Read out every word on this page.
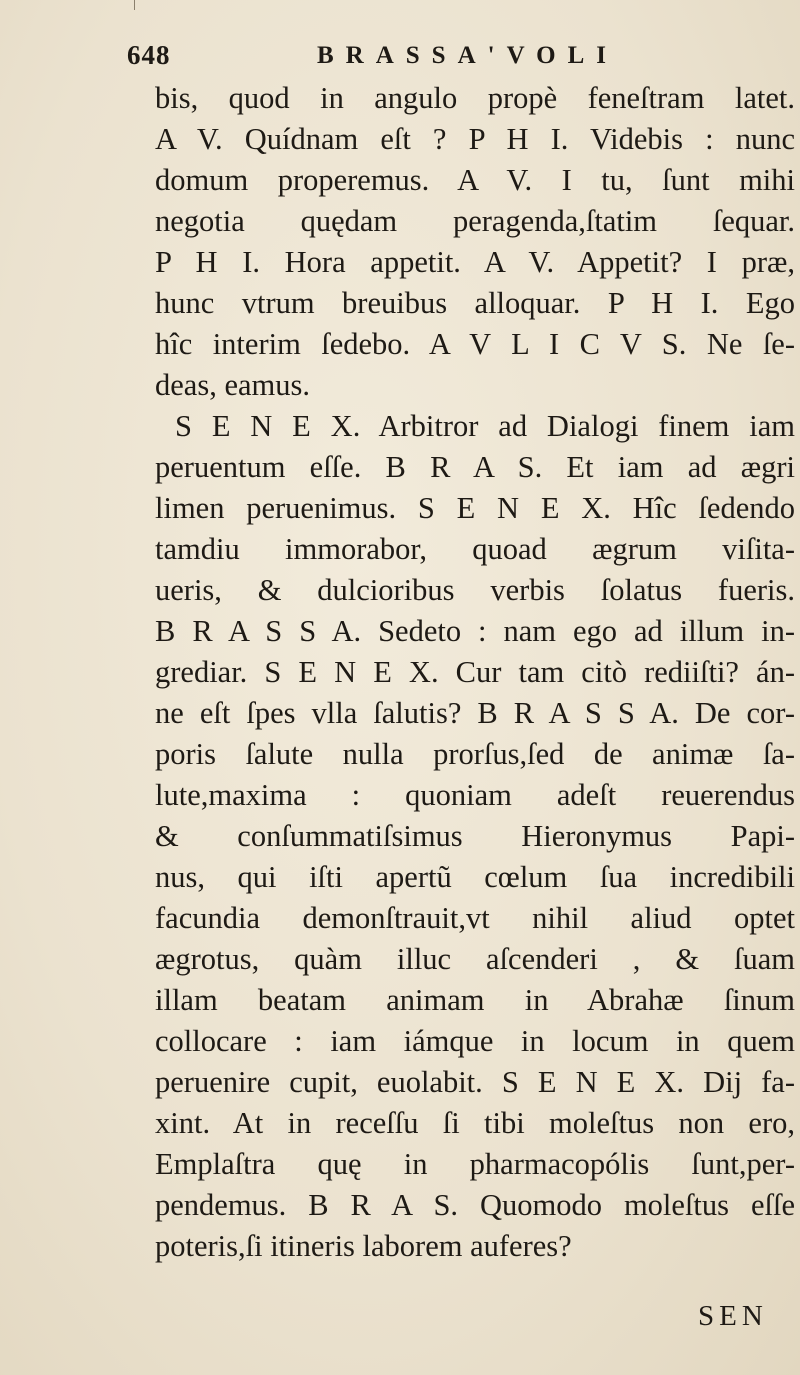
648	BRASSA'VOLI
bis, quod in angulo propè feneſtram latet.
A V. Quídnam eſt ? P H I. Videbis : nunc
domum properemus. A V. I tu, ſunt mihi
negotia quędam peragenda,ſtatim ſequar.
P H I. Hora appetit. A V. Appetit? I præ,
hunc vtrum breuibus alloquar. P H I. Ego
hîc interim ſedebo. A V L I C V S. Ne ſe-
deas, eamus.
S E N E X. Arbitror ad Dialogi finem iam
peruentum eſſe. B R A S. Et iam ad ægri
limen peruenimus. S E N E X. Hîc ſedendo
tamdiu immorabor, quoad ægrum viſita-
ueris, & dulcioribus verbis ſolatus fueris.
B R A S S A. Sedeto : nam ego ad illum in-
grediar. S E N E X. Cur tam citò rediiſti? án-
ne eſt ſpes vlla ſalutis? B R A S S A. De cor-
poris ſalute nulla prorſus,ſed de animæ ſa-
lute,maxima : quoniam adeſt reuerendus
& conſummatiſsimus Hieronymus Papi-
nus, qui iſti apertũ cœlum ſua incredibili
facundia demonſtrauit,vt nihil aliud optet
ægrotus, quàm illuc aſcenderi , & ſuam
illam beatam animam in Abrahæ ſinum
collocare : iam iámque in locum in quem
peruenire cupit, euolabit. S E N E X. Dij fa-
xint. At in receſſu ſi tibi moleſtus non ero,
Emplaſtra quę in pharmacopólis ſunt,per-
pendemus. B R A S. Quomodo moleſtus eſſe
poteris,ſi itineris laborem auferes?
SEN
